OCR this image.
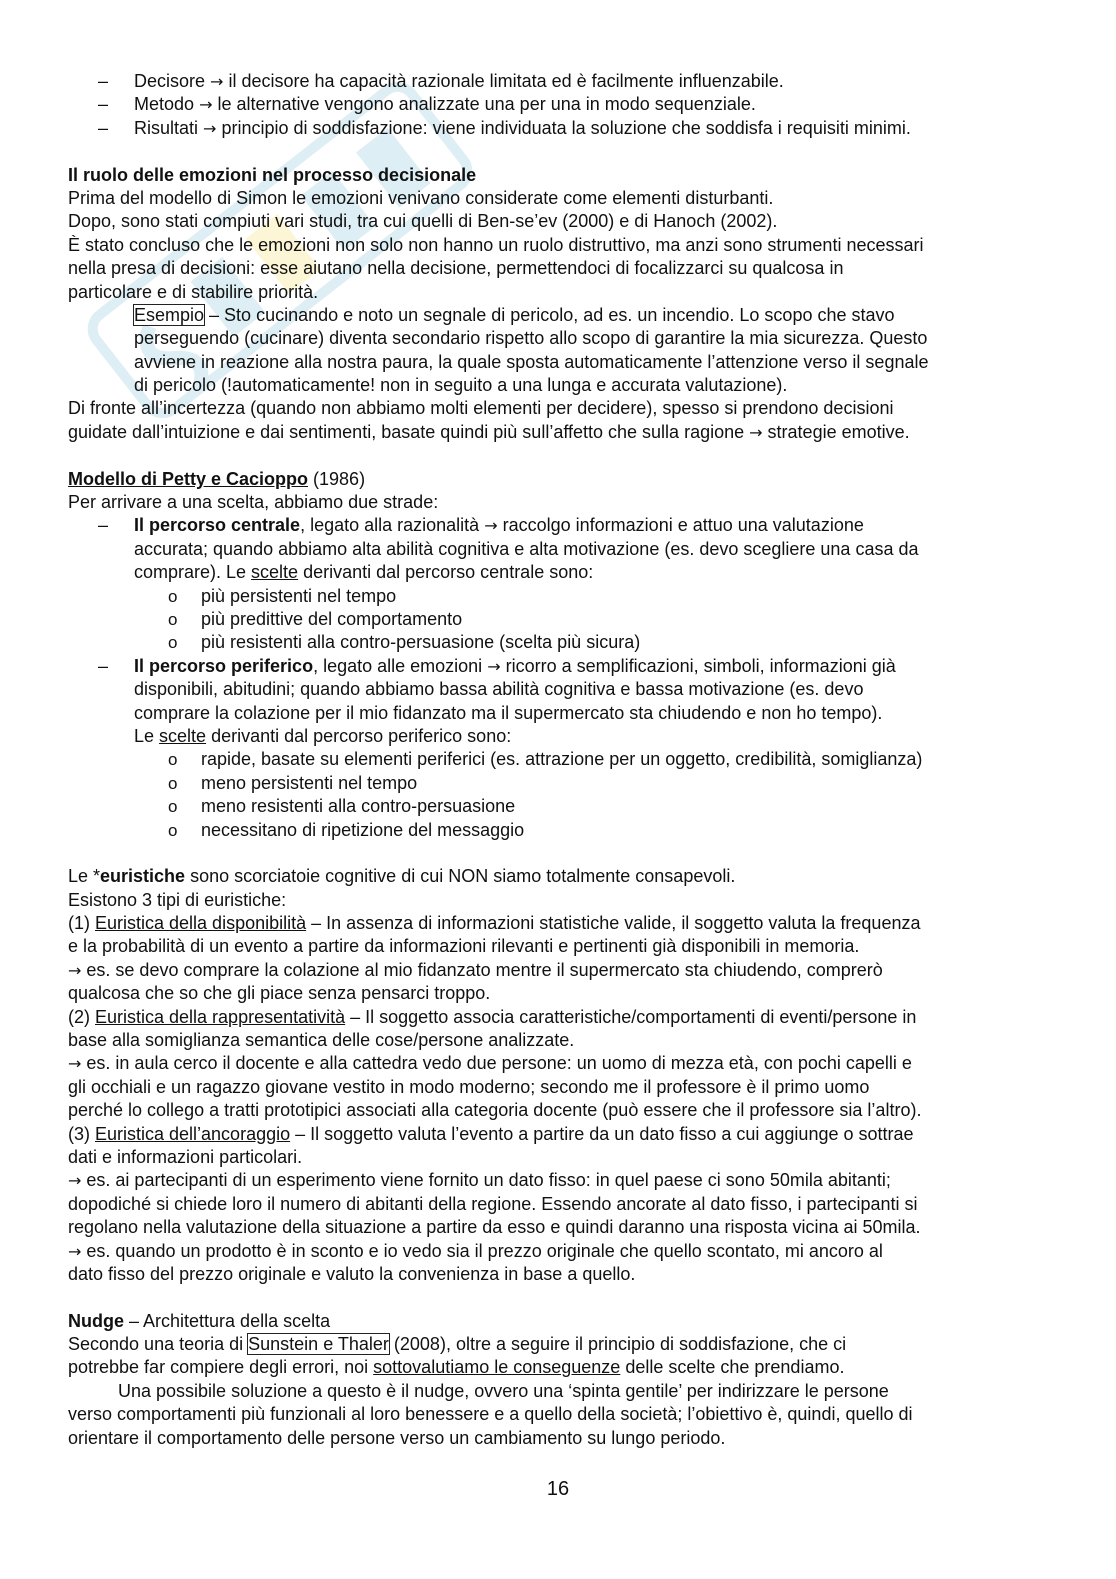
– Decisore → il decisore ha capacità razionale limitata ed è facilmente influenzabile.
– Metodo → le alternative vengono analizzate una per una in modo sequenziale.
– Risultati → principio di soddisfazione: viene individuata la soluzione che soddisfa i requisiti minimi.
Il ruolo delle emozioni nel processo decisionale
Prima del modello di Simon le emozioni venivano considerate come elementi disturbanti.
Dopo, sono stati compiuti vari studi, tra cui quelli di Ben-se’ev (2000) e di Hanoch (2002).
È stato concluso che le emozioni non solo non hanno un ruolo distruttivo, ma anzi sono strumenti necessari
nella presa di decisioni: esse aiutano nella decisione, permettendoci di focalizzarci su qualcosa in
particolare e di stabilire priorità.
Esempio – Sto cucinando e noto un segnale di pericolo, ad es. un incendio. Lo scopo che stavo
perseguendo (cucinare) diventa secondario rispetto allo scopo di garantire la mia sicurezza. Questo
avviene in reazione alla nostra paura, la quale sposta automaticamente l’attenzione verso il segnale
di pericolo (!automaticamente! non in seguito a una lunga e accurata valutazione).
Di fronte all’incertezza (quando non abbiamo molti elementi per decidere), spesso si prendono decisioni
guidate dall’intuizione e dai sentimenti, basate quindi più sull’affetto che sulla ragione → strategie emotive.
Modello di Petty e Cacioppo (1986)
Per arrivare a una scelta, abbiamo due strade:
– Il percorso centrale, legato alla razionalità → raccolgo informazioni e attuo una valutazione
accurata; quando abbiamo alta abilità cognitiva e alta motivazione (es. devo scegliere una casa da
comprare). Le scelte derivanti dal percorso centrale sono:
o più persistenti nel tempo
o più predittive del comportamento
o più resistenti alla contro-persuasione (scelta più sicura)
– Il percorso periferico, legato alle emozioni → ricorro a semplificazioni, simboli, informazioni già
disponibili, abitudini; quando abbiamo bassa abilità cognitiva e bassa motivazione (es. devo
comprare la colazione per il mio fidanzato ma il supermercato sta chiudendo e non ho tempo).
Le scelte derivanti dal percorso periferico sono:
o rapide, basate su elementi periferici (es. attrazione per un oggetto, credibilità, somiglianza)
o meno persistenti nel tempo
o meno resistenti alla contro-persuasione
o necessitano di ripetizione del messaggio
Le *euristiche sono scorciatoie cognitive di cui NON siamo totalmente consapevoli.
Esistono 3 tipi di euristiche:
(1) Euristica della disponibilità – In assenza di informazioni statistiche valide, il soggetto valuta la frequenza
e la probabilità di un evento a partire da informazioni rilevanti e pertinenti già disponibili in memoria.
→ es. se devo comprare la colazione al mio fidanzato mentre il supermercato sta chiudendo, comprerò
qualcosa che so che gli piace senza pensarci troppo.
(2) Euristica della rappresentatività – Il soggetto associa caratteristiche/comportamenti di eventi/persone in
base alla somiglianza semantica delle cose/persone analizzate.
→ es. in aula cerco il docente e alla cattedra vedo due persone: un uomo di mezza età, con pochi capelli e
gli occhiali e un ragazzo giovane vestito in modo moderno; secondo me il professore è il primo uomo
perché lo collego a tratti prototipici associati alla categoria docente (può essere che il professore sia l’altro).
(3) Euristica dell’ancoraggio – Il soggetto valuta l’evento a partire da un dato fisso a cui aggiunge o sottrae
dati e informazioni particolari.
→ es. ai partecipanti di un esperimento viene fornito un dato fisso: in quel paese ci sono 50mila abitanti;
dopodiché si chiede loro il numero di abitanti della regione. Essendo ancorate al dato fisso, i partecipanti si
regolano nella valutazione della situazione a partire da esso e quindi daranno una risposta vicina ai 50mila.
→ es. quando un prodotto è in sconto e io vedo sia il prezzo originale che quello scontato, mi ancoro al
dato fisso del prezzo originale e valuto la convenienza in base a quello.
Nudge – Architettura della scelta
Secondo una teoria di Sunstein e Thaler (2008), oltre a seguire il principio di soddisfazione, che ci
potrebbe far compiere degli errori, noi sottovalutiamo le conseguenze delle scelte che prendiamo.
Una possibile soluzione a questo è il nudge, ovvero una ‘spinta gentile’ per indirizzare le persone
verso comportamenti più funzionali al loro benessere e a quello della società; l’obiettivo è, quindi, quello di
orientare il comportamento delle persone verso un cambiamento su lungo periodo.
16
